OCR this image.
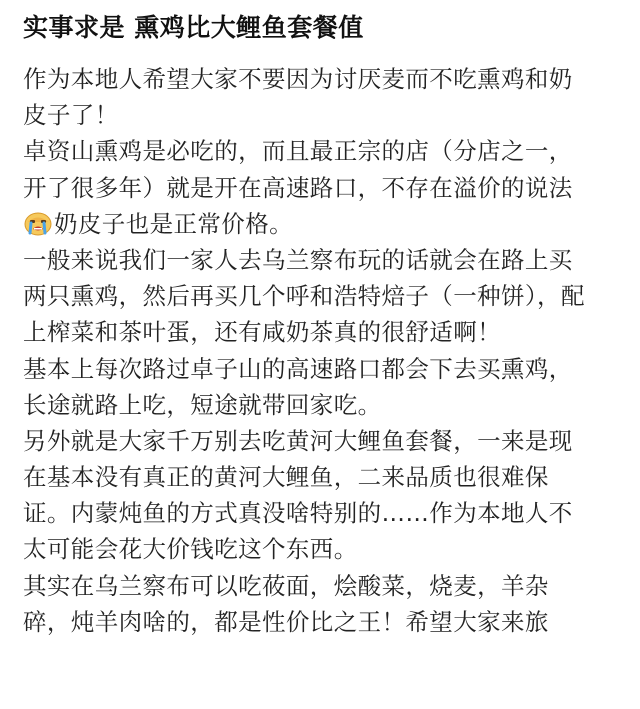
实事求是 熏鸡比大鲤鱼套餐值
作为本地人希望大家不要因为讨厌麦而不吃熏鸡和奶
皮子了！
卓资山熏鸡是必吃的，而且最正宗的店（分店之一，
开了很多年）就是开在高速路口，不存在溢价的说法
奶皮子也是正常价格。
一般来说我们一家人去乌兰察布玩的话就会在路上买
两只熏鸡，然后再买几个呼和浩特焙子（一种饼），配
上榨菜和茶叶蛋，还有咸奶茶真的很舒适啊！
基本上每次路过卓子山的高速路口都会下去买熏鸡，
长途就路上吃，短途就带回家吃。
另外就是大家千万别去吃黄河大鲤鱼套餐，一来是现
在基本没有真正的黄河大鲤鱼，二来品质也很难保
证。内蒙炖鱼的方式真没啥特别的……作为本地人不
太可能会花大价钱吃这个东西。
其实在乌兰察布可以吃莜面，烩酸菜，烧麦，羊杂
碎，炖羊肉啥的，都是性价比之王！希望大家来旅
